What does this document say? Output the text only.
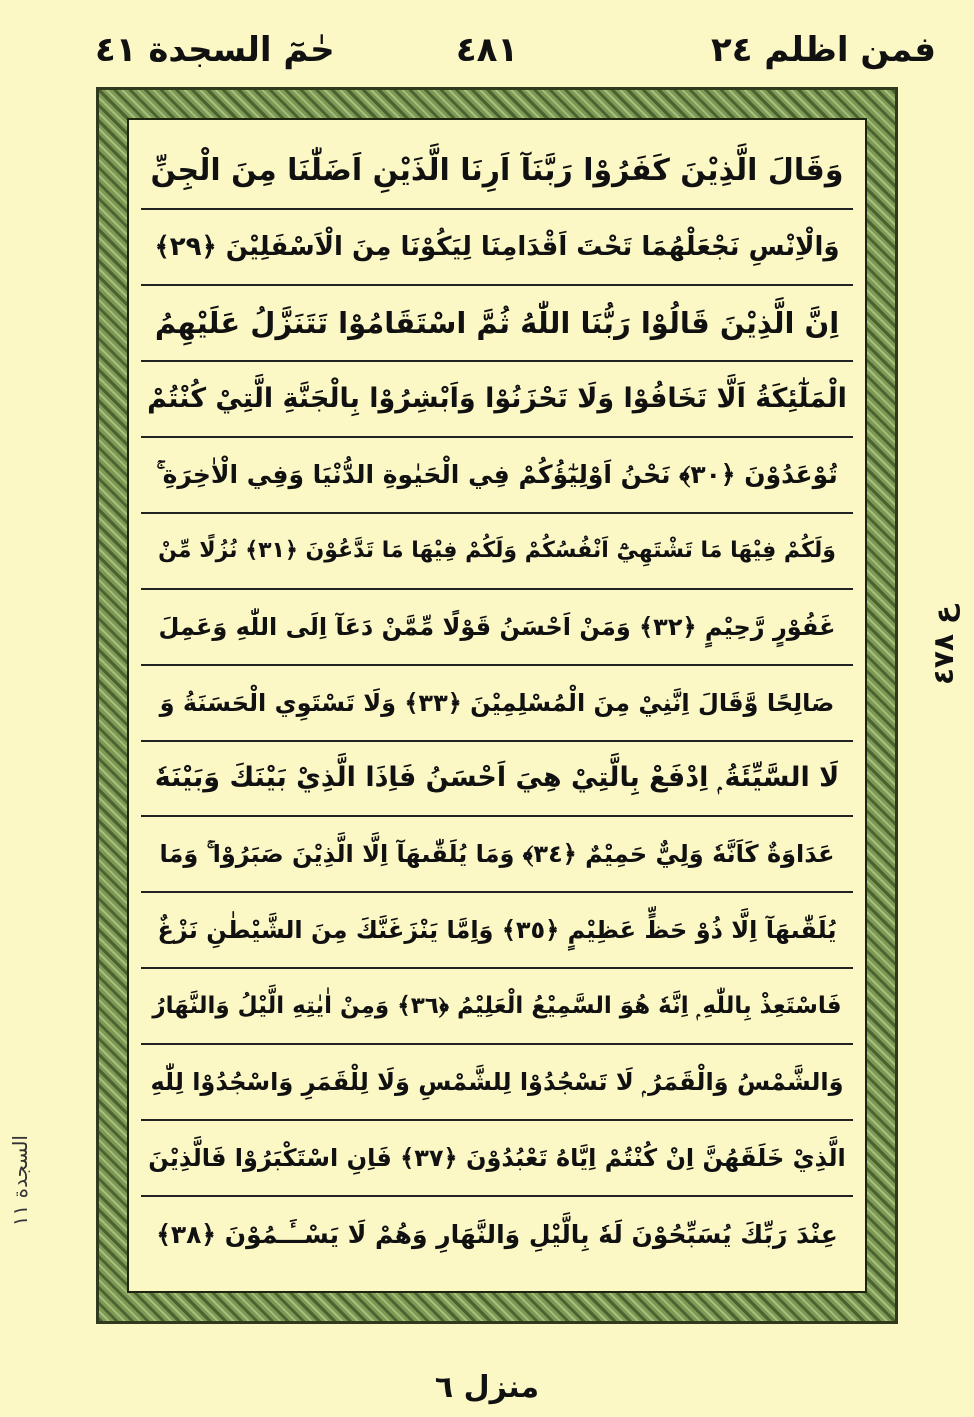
فمن اظلم ٢٤
٤٨١
حٰمٓ السجدة ٤١
وَقَالَ الَّذِيْنَ كَفَرُوْا رَبَّنَآ اَرِنَا الَّذَيْنِ اَضَلّٰنَا مِنَ الْجِنِّ
وَالْاِنْسِ نَجْعَلْهُمَا تَحْتَ اَقْدَامِنَا لِيَكُوْنَا مِنَ الْاَسْفَلِيْنَ ﴿٢٩﴾
اِنَّ الَّذِيْنَ قَالُوْا رَبُّنَا اللّٰهُ ثُمَّ اسْتَقَامُوْا تَتَنَزَّلُ عَلَيْهِمُ
الْمَلٰٓئِكَةُ اَلَّا تَخَافُوْا وَلَا تَحْزَنُوْا وَاَبْشِرُوْا بِالْجَنَّةِ الَّتِيْ كُنْتُمْ
تُوْعَدُوْنَ ﴿٣٠﴾ نَحْنُ اَوْلِيٰٓؤُكُمْ فِي الْحَيٰوةِ الدُّنْيَا وَفِي الْاٰخِرَةِ ۚ
وَلَكُمْ فِيْهَا مَا تَشْتَهِيْٓ اَنْفُسُكُمْ وَلَكُمْ فِيْهَا مَا تَدَّعُوْنَ ﴿٣١﴾ نُزُلًا مِّنْ
غَفُوْرٍ رَّحِيْمٍ ﴿٣٢﴾ وَمَنْ اَحْسَنُ قَوْلًا مِّمَّنْ دَعَآ اِلَى اللّٰهِ وَعَمِلَ
صَالِحًا وَّقَالَ اِنَّنِيْ مِنَ الْمُسْلِمِيْنَ ﴿٣٣﴾ وَلَا تَسْتَوِي الْحَسَنَةُ وَ
لَا السَّيِّئَةُ ۭ اِدْفَعْ بِالَّتِيْ هِيَ اَحْسَنُ فَاِذَا الَّذِيْ بَيْنَكَ وَبَيْنَهٗ
عَدَاوَةٌ كَاَنَّهٗ وَلِيٌّ حَمِيْمٌ ﴿٣٤﴾ وَمَا يُلَقّٰىهَآ اِلَّا الَّذِيْنَ صَبَرُوْا ۚ وَمَا
يُلَقّٰىهَآ اِلَّا ذُوْ حَظٍّ عَظِيْمٍ ﴿٣٥﴾ وَاِمَّا يَنْزَغَنَّكَ مِنَ الشَّيْطٰنِ نَزْغٌ
فَاسْتَعِذْ بِاللّٰهِ ۭ اِنَّهٗ هُوَ السَّمِيْعُ الْعَلِيْمُ ﴿٣٦﴾ وَمِنْ اٰيٰتِهِ الَّيْلُ وَالنَّهَارُ
وَالشَّمْسُ وَالْقَمَرُ ۭ لَا تَسْجُدُوْا لِلشَّمْسِ وَلَا لِلْقَمَرِ وَاسْجُدُوْا لِلّٰهِ
الَّذِيْ خَلَقَهُنَّ اِنْ كُنْتُمْ اِيَّاهُ تَعْبُدُوْنَ ﴿٣٧﴾ فَاِنِ اسْتَكْبَرُوْا فَالَّذِيْنَ
عِنْدَ رَبِّكَ يُسَبِّحُوْنَ لَهٗ بِالَّيْلِ وَالنَّهَارِ وَهُمْ لَا يَسْــَٔـمُوْنَ ﴿٣٨﴾
ع ٤٧٨
السجدة ١١
منزل ٦
